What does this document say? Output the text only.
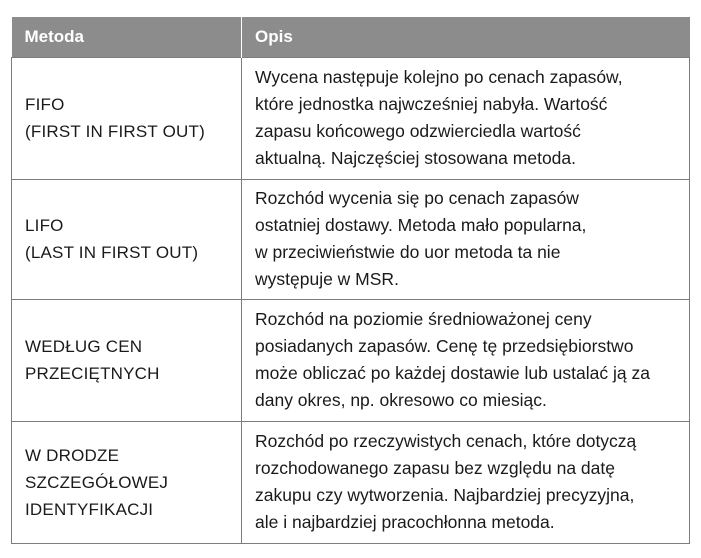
Metoda	Opis

FIFO
(FIRST IN FIRST OUT)	Wycena następuje kolejno po cenach zapasów,
które jednostka najwcześniej nabyła. Wartość
zapasu końcowego odzwierciedla wartość
aktualną. Najczęściej stosowana metoda.

LIFO
(LAST IN FIRST OUT)	Rozchód wycenia się po cenach zapasów
ostatniej dostawy. Metoda mało popularna,
w przeciwieństwie do uor metoda ta nie
występuje w MSR.

WEDŁUG CEN
PRZECIĘTNYCH	Rozchód na poziomie średnioważonej ceny
posiadanych zapasów. Cenę tę przedsiębiorstwo
może obliczać po każdej dostawie lub ustalać ją za
dany okres, np. okresowo co miesiąc.

W DRODZE
SZCZEGÓŁOWEJ
IDENTYFIKACJI	Rozchód po rzeczywistych cenach, które dotyczą
rozchodowanego zapasu bez względu na datę
zakupu czy wytworzenia. Najbardziej precyzyjna,
ale i najbardziej pracochłonna metoda.
